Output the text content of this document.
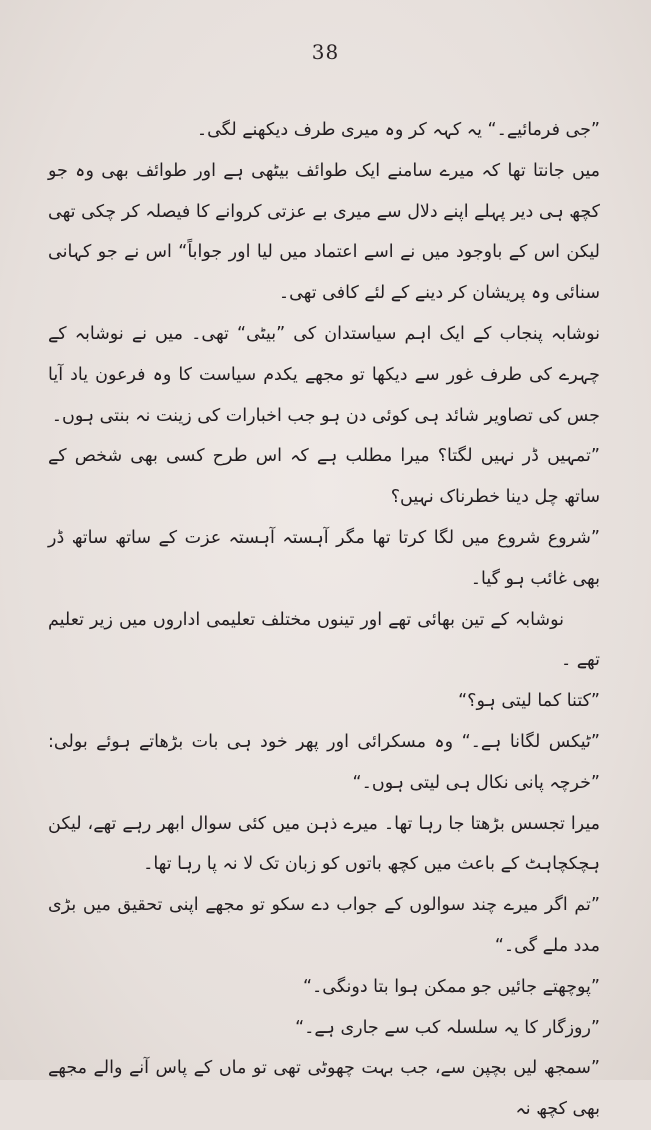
38

”جی فرمائیے۔“ یہ کہہ کر وہ میری طرف دیکھنے لگی۔

میں جانتا تھا کہ میرے سامنے ایک طوائف بیٹھی ہے اور طوائف بھی وہ جو کچھ ہی دیر پہلے اپنے دلال سے میری بے عزتی کروانے کا فیصلہ کر چکی تھی لیکن اس کے باوجود میں نے اسے اعتماد میں لیا اور جواباً“ اس نے جو کہانی سنائی وہ پریشان کر دینے کے لئے کافی تھی۔

نوشابہ پنجاب کے ایک اہم سیاستدان کی ”بیٹی“ تھی۔ میں نے نوشابہ کے چہرے کی طرف غور سے دیکھا تو مجھے یکدم سیاست کا وہ فرعون یاد آیا جس کی تصاویر شائد ہی کوئی دن ہو جب اخبارات کی زینت نہ بنتی ہوں۔

”تمہیں ڈر نہیں لگتا؟ میرا مطلب ہے کہ اس طرح کسی بھی شخص کے ساتھ چل دینا خطرناک نہیں؟

”شروع شروع میں لگا کرتا تھا مگر آہستہ آہستہ عزت کے ساتھ ساتھ ڈر بھی غائب ہو گیا۔

نوشابہ کے تین بھائی تھے اور تینوں مختلف تعلیمی اداروں میں زیر تعلیم تھے ۔

”کتنا کما لیتی ہو؟“

”ٹیکس لگانا ہے۔“ وہ مسکرائی اور پھر خود ہی بات بڑھاتے ہوئے بولی: ”خرچہ پانی نکال ہی لیتی ہوں۔“

میرا تجسس بڑھتا جا رہا تھا۔ میرے ذہن میں کئی سوال ابھر رہے تھے، لیکن ہچکچاہٹ کے باعث میں کچھ باتوں کو زبان تک لا نہ پا رہا تھا۔

”تم اگر میرے چند سوالوں کے جواب دے سکو تو مجھے اپنی تحقیق میں بڑی مدد ملے گی۔“

”پوچھتے جائیں جو ممکن ہوا بتا دونگی۔“

”روزگار کا یہ سلسلہ کب سے جاری ہے۔“

”سمجھ لیں بچپن سے، جب بہت چھوٹی تھی تو ماں کے پاس آنے والے مجھے بھی کچھ نہ
